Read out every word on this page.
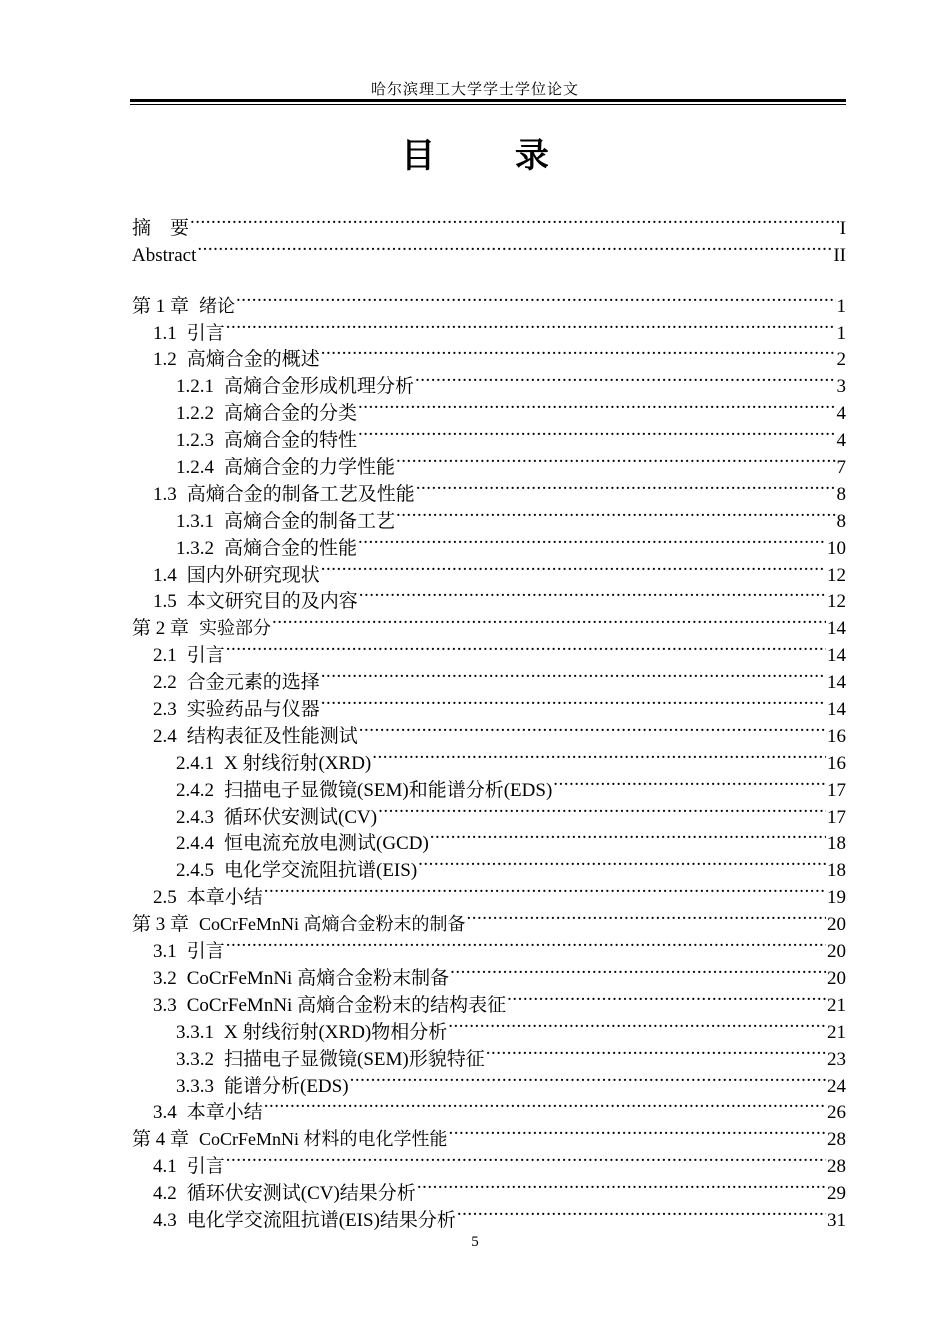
哈尔滨理工大学学士学位论文
目 录
摘　要 .....	I
Abstract .....	II
第 1 章 绪论 .....	1
1.1 引言 .....	1
1.2 高熵合金的概述 .....	2
1.2.1 高熵合金形成机理分析 .....	3
1.2.2 高熵合金的分类 .....	4
1.2.3 高熵合金的特性 .....	4
1.2.4 高熵合金的力学性能 .....	7
1.3 高熵合金的制备工艺及性能 .....	8
1.3.1 高熵合金的制备工艺 .....	8
1.3.2 高熵合金的性能 .....	10
1.4 国内外研究现状 .....	12
1.5 本文研究目的及内容 .....	12
第 2 章 实验部分 .....	14
2.1 引言 .....	14
2.2 合金元素的选择 .....	14
2.3 实验药品与仪器 .....	14
2.4 结构表征及性能测试 .....	16
2.4.1 X 射线衍射(XRD) .....	16
2.4.2 扫描电子显微镜(SEM)和能谱分析(EDS) .....	17
2.4.3 循环伏安测试(CV) .....	17
2.4.4 恒电流充放电测试(GCD) .....	18
2.4.5 电化学交流阻抗谱(EIS) .....	18
2.5 本章小结 .....	19
第 3 章 CoCrFeMnNi 高熵合金粉末的制备 .....	20
3.1 引言 .....	20
3.2 CoCrFeMnNi 高熵合金粉末制备 .....	20
3.3 CoCrFeMnNi 高熵合金粉末的结构表征 .....	21
3.3.1 X 射线衍射(XRD)物相分析 .....	21
3.3.2 扫描电子显微镜(SEM)形貌特征 .....	23
3.3.3 能谱分析(EDS) .....	24
3.4 本章小结 .....	26
第 4 章 CoCrFeMnNi 材料的电化学性能 .....	28
4.1 引言 .....	28
4.2 循环伏安测试(CV)结果分析 .....	29
4.3 电化学交流阻抗谱(EIS)结果分析 .....	31
5
